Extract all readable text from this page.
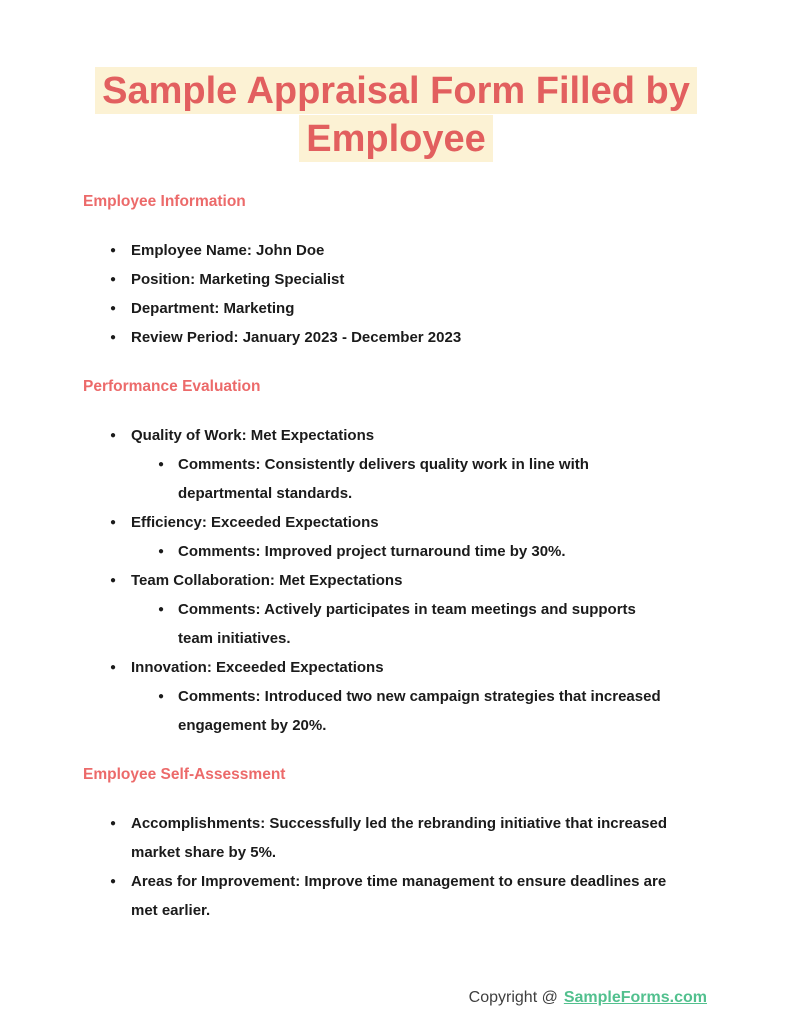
Sample Appraisal Form Filled by
Employee
Employee Information
● Employee Name: John Doe
● Position: Marketing Specialist
● Department: Marketing
● Review Period: January 2023 - December 2023
Performance Evaluation
● Quality of Work: Met Expectations
● Comments: Consistently delivers quality work in line with
departmental standards.
● Efficiency: Exceeded Expectations
● Comments: Improved project turnaround time by 30%.
● Team Collaboration: Met Expectations
● Comments: Actively participates in team meetings and supports
team initiatives.
● Innovation: Exceeded Expectations
● Comments: Introduced two new campaign strategies that increased
engagement by 20%.
Employee Self-Assessment
● Accomplishments: Successfully led the rebranding initiative that increased
market share by 5%.
● Areas for Improvement: Improve time management to ensure deadlines are
met earlier.
Copyright @ SampleForms.com
